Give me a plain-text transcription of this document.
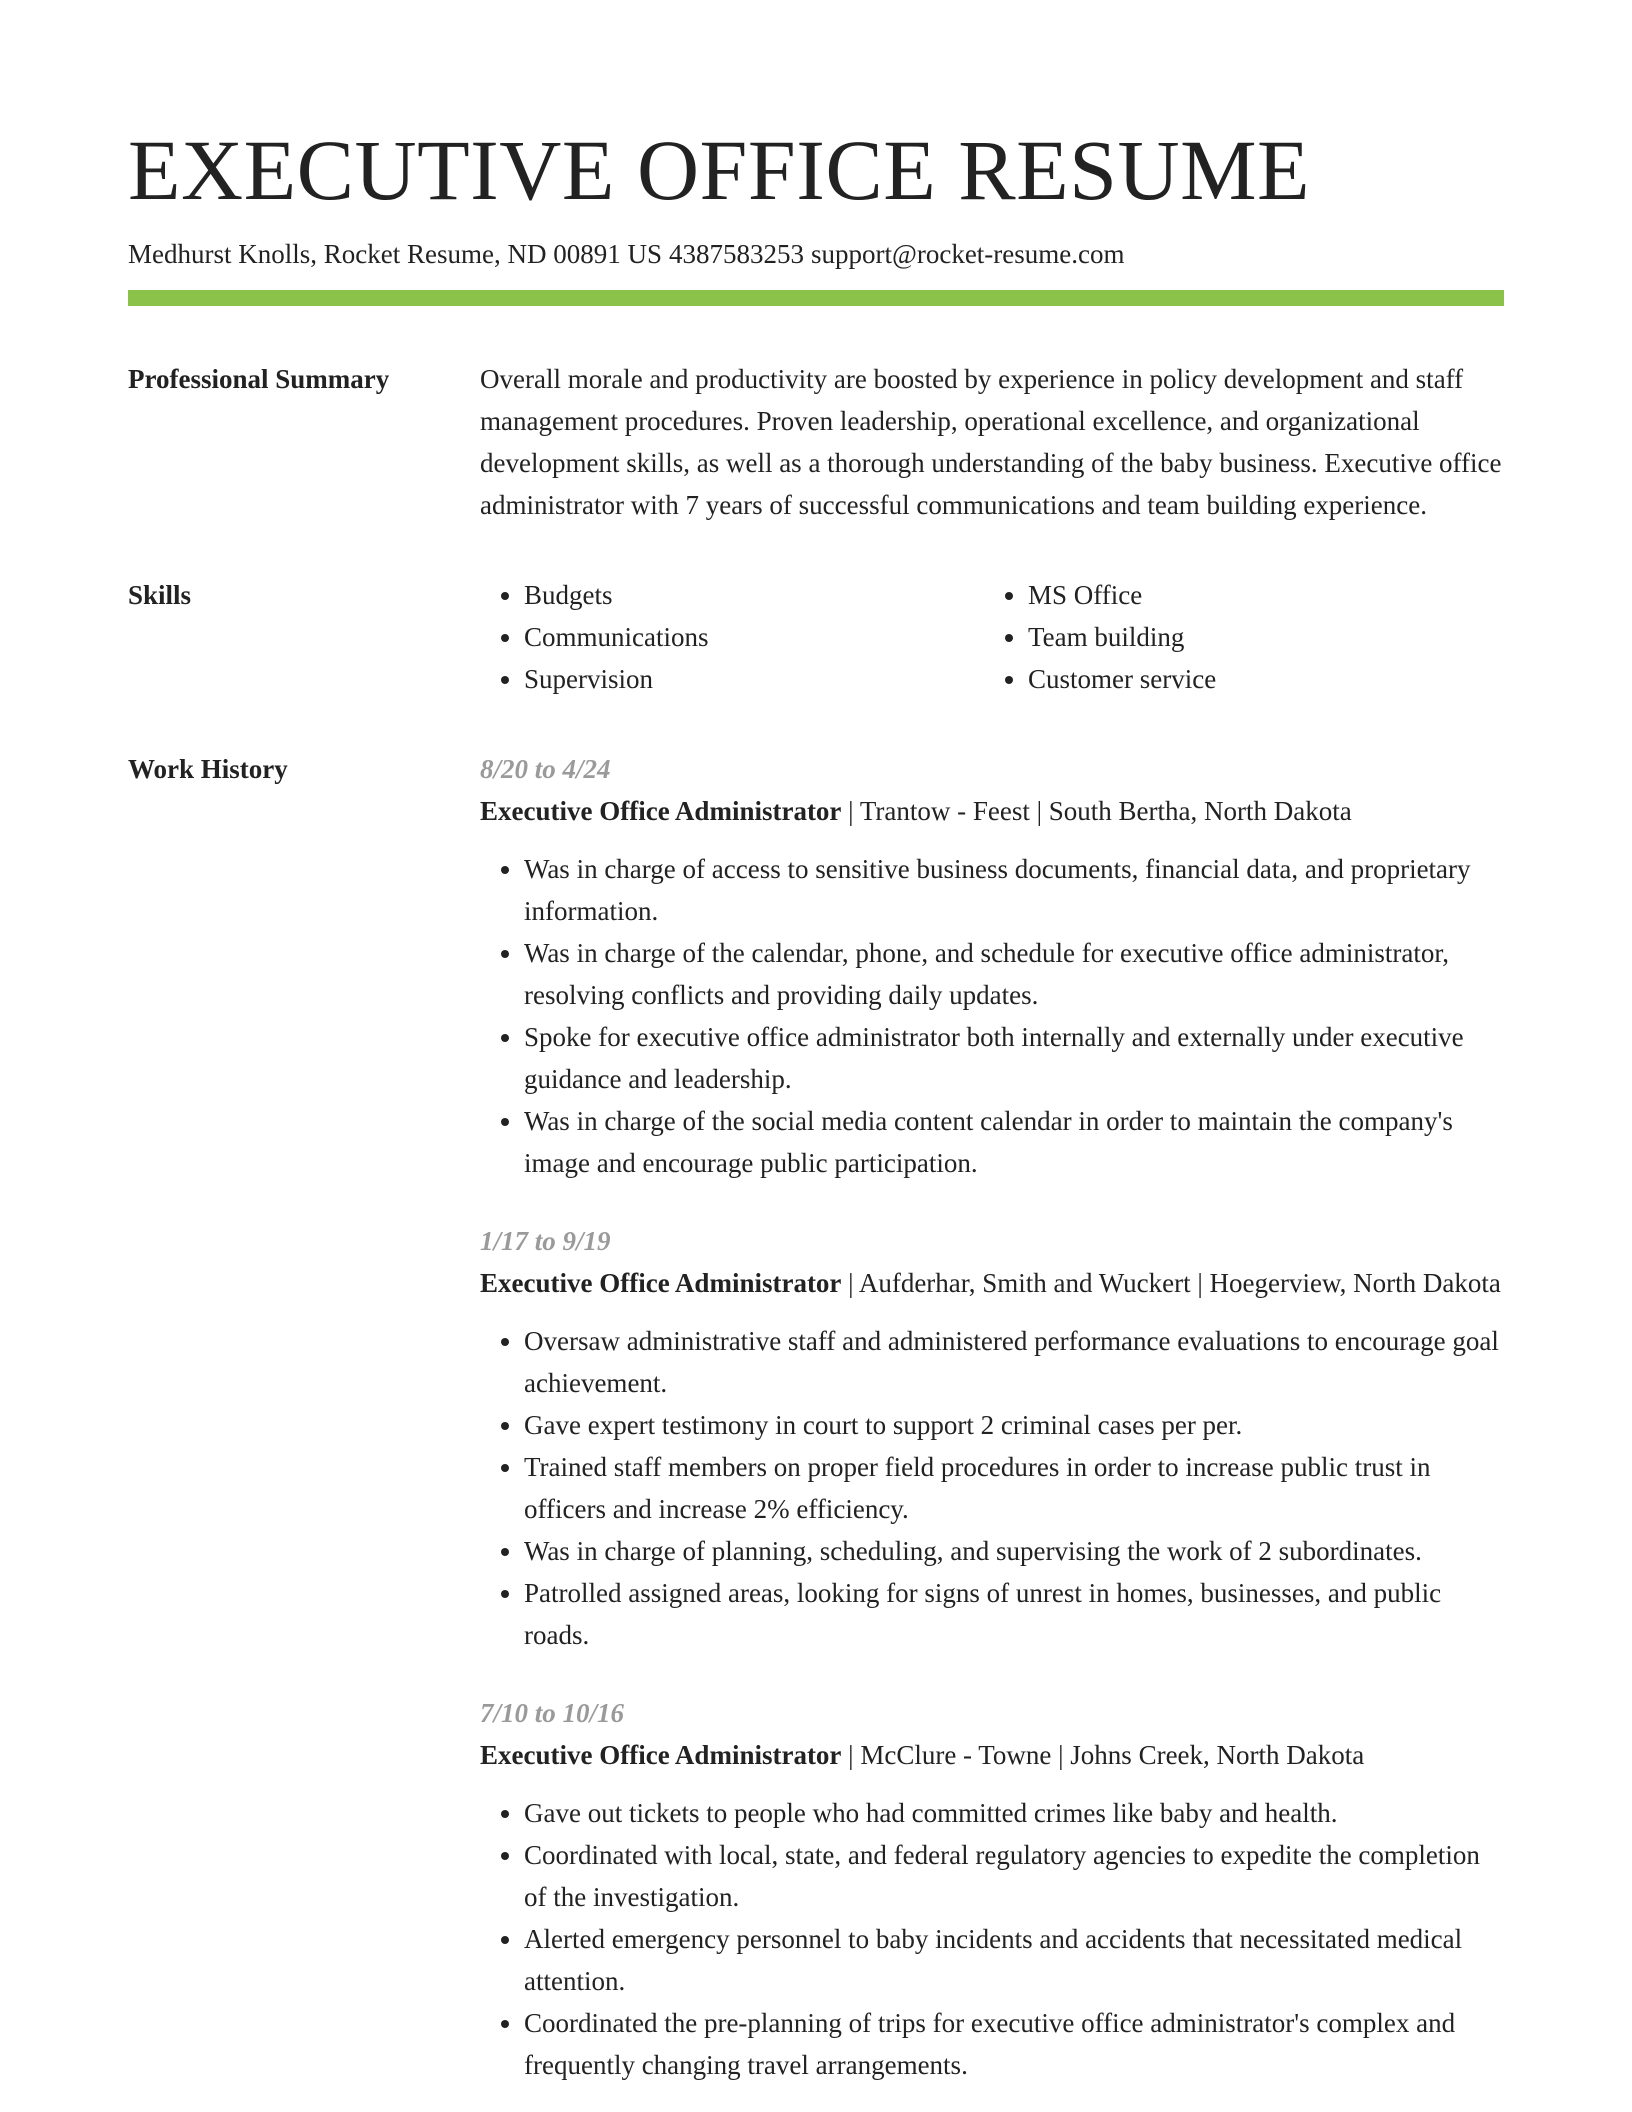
EXECUTIVE OFFICE RESUME
Medhurst Knolls, Rocket Resume, ND 00891 US 4387583253 support@rocket-resume.com
Professional Summary	Overall morale and productivity are boosted by experience in policy development and staff management procedures. Proven leadership, operational excellence, and organizational development skills, as well as a thorough understanding of the baby business. Executive office administrator with 7 years of successful communications and team building experience.

Skills
•	Budgets
• Communications
• Supervision
• MS Office
• Team building
• Customer service
Work History	8/20 to 4/24
Executive Office Administrator | Trantow - Feest | South Bertha, North Dakota
• Was in charge of access to sensitive business documents, financial data, and proprietary information.
• Was in charge of the calendar, phone, and schedule for executive office administrator, resolving conflicts and providing daily updates.
• Spoke for executive office administrator both internally and externally under executive guidance and leadership.
• Was in charge of the social media content calendar in order to maintain the company's image and encourage public participation.
1/17 to 9/19
Executive Office Administrator | Aufderhar, Smith and Wuckert | Hoegerview, North Dakota
• Oversaw administrative staff and administered performance evaluations to encourage goal achievement.
• Gave expert testimony in court to support 2 criminal cases per per.
• Trained staff members on proper field procedures in order to increase public trust in officers and increase 2% efficiency.
• Was in charge of planning, scheduling, and supervising the work of 2 subordinates.
• Patrolled assigned areas, looking for signs of unrest in homes, businesses, and public roads.
7/10 to 10/16
Executive Office Administrator | McClure - Towne | Johns Creek, North Dakota
• Gave out tickets to people who had committed crimes like baby and health.
• Coordinated with local, state, and federal regulatory agencies to expedite the completion of the investigation.
• Alerted emergency personnel to baby incidents and accidents that necessitated medical attention.
• Coordinated the pre-planning of trips for executive office administrator's complex and frequently changing travel arrangements.
